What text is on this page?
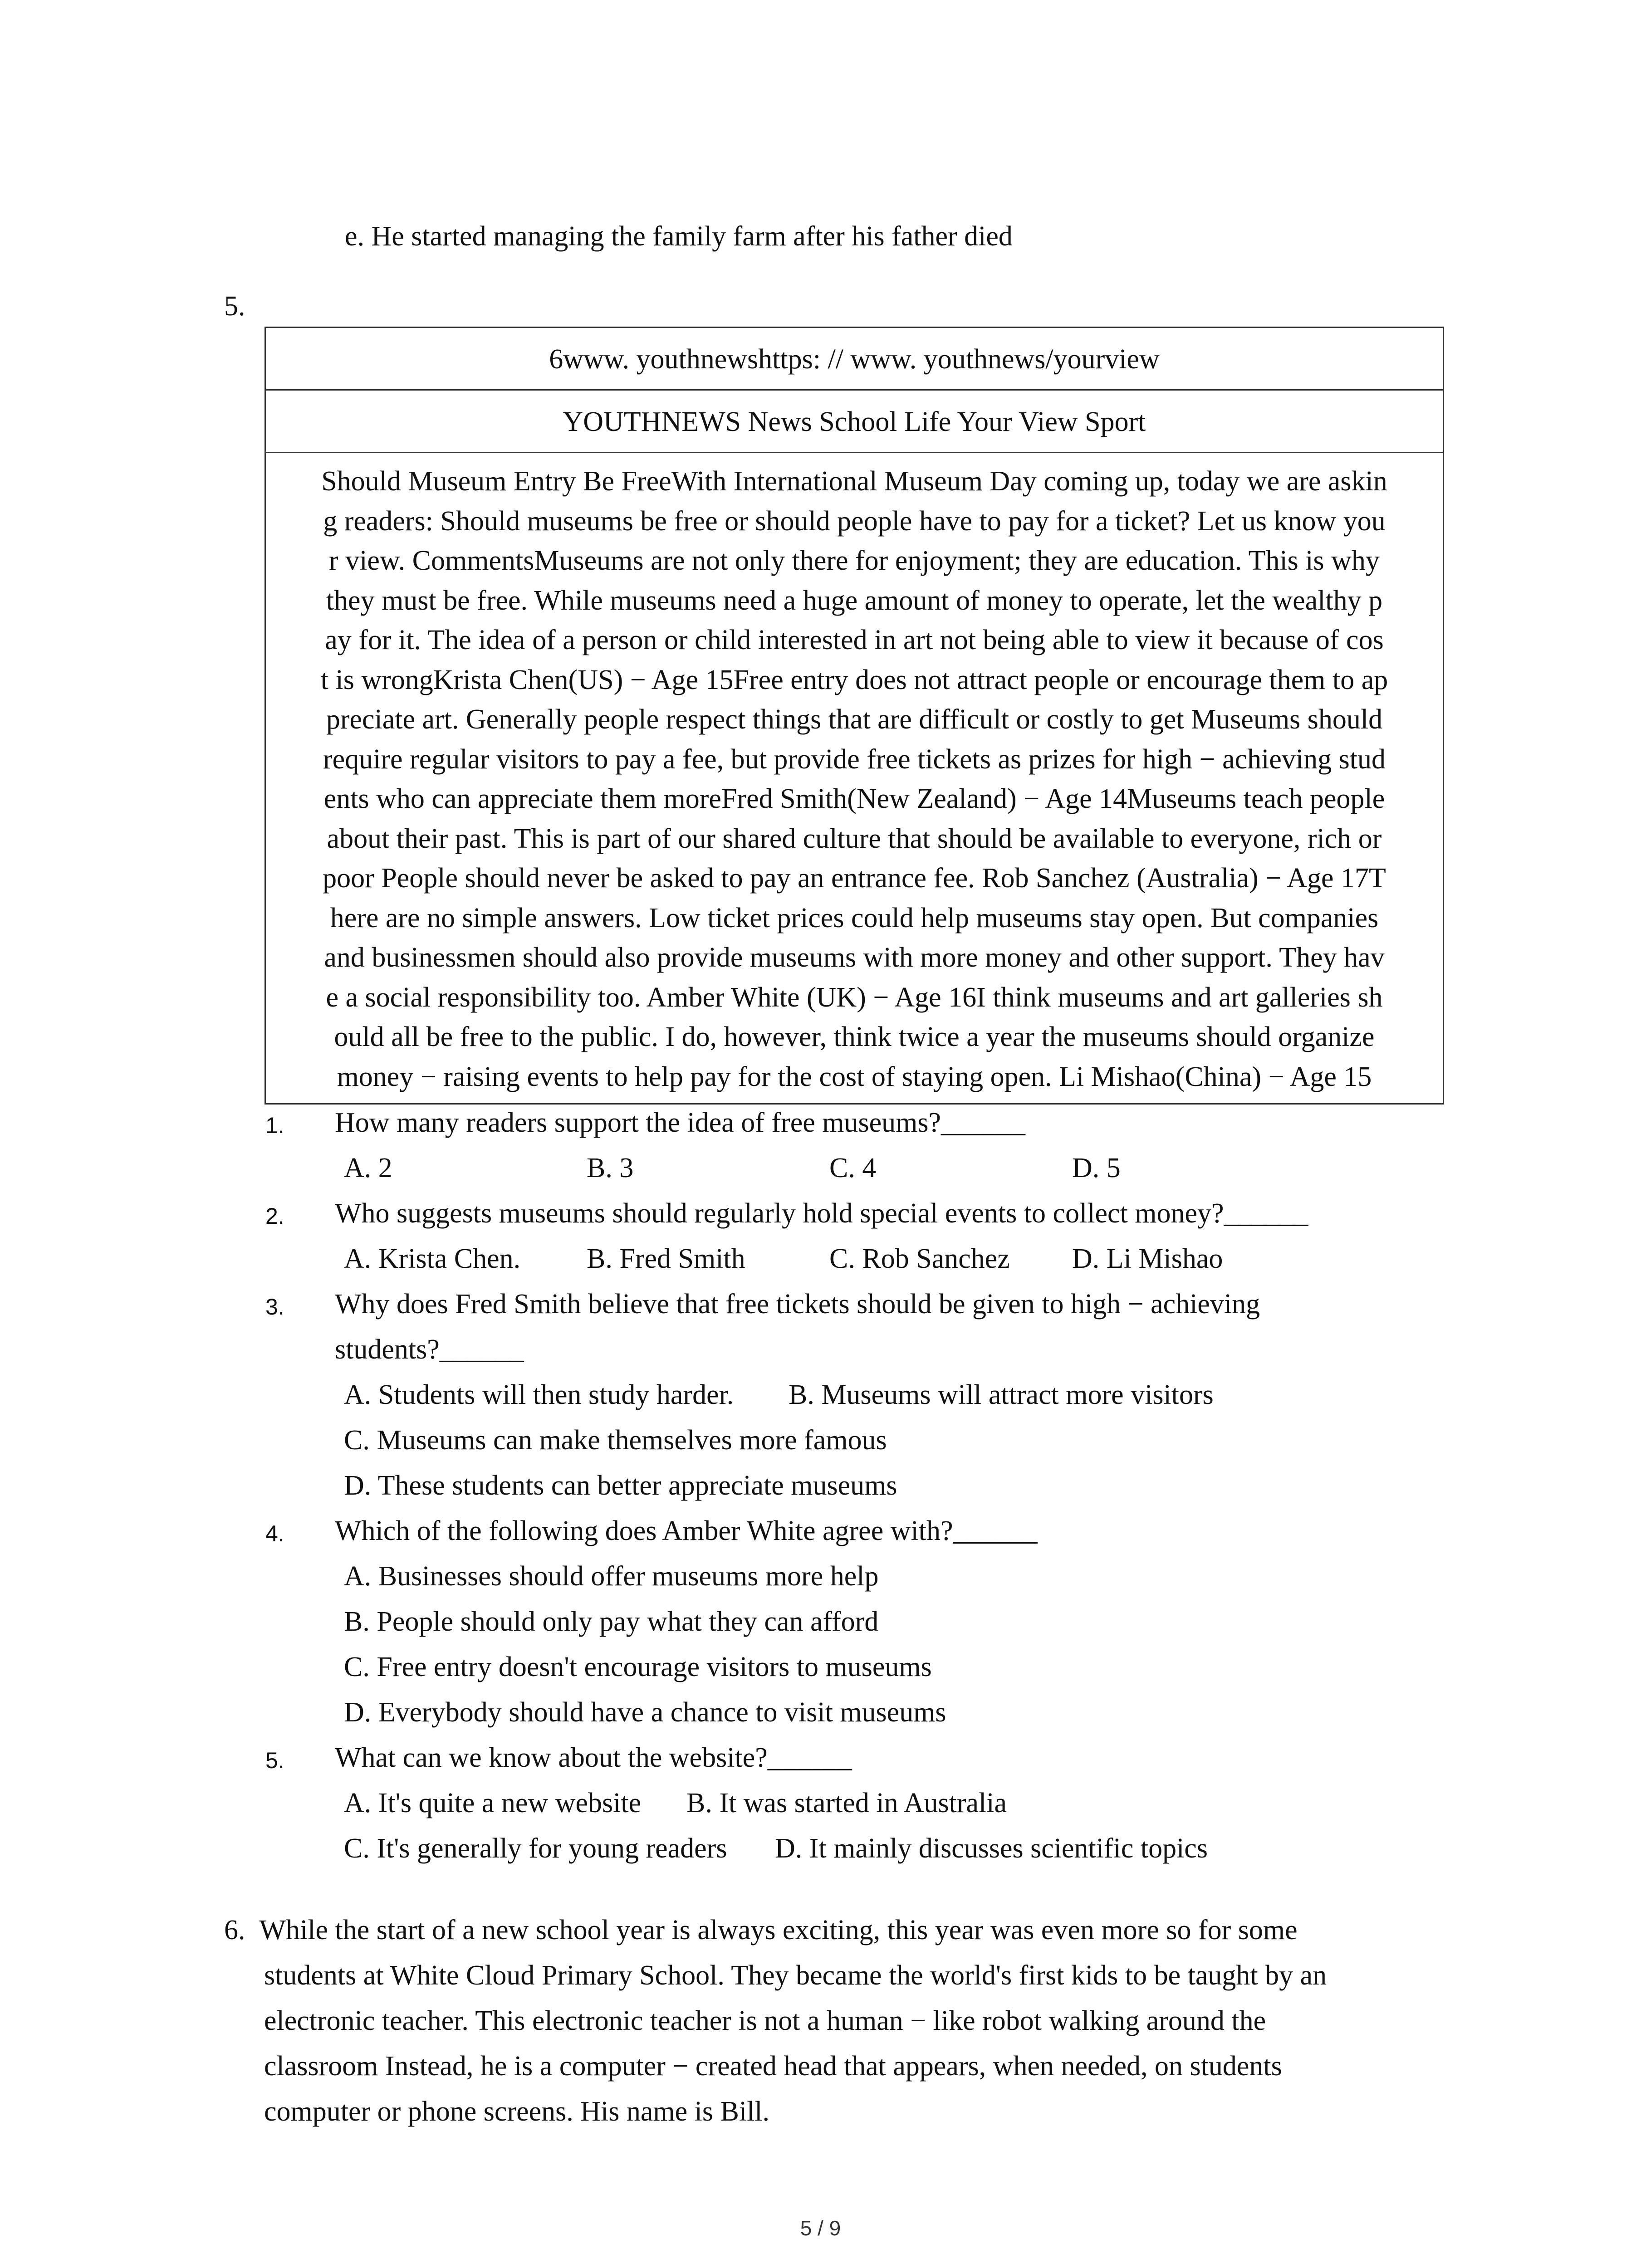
e. He started managing the family farm after his father died
5.
6www. youthnewshttps: // www. youthnews/yourview
YOUTHNEWS News School Life Your View Sport
Should Museum Entry Be FreeWith International Museum Day coming up, today we are askin
g readers: Should museums be free or should people have to pay for a ticket? Let us know you
r view. CommentsMuseums are not only there for enjoyment; they are education. This is why
they must be free. While museums need a huge amount of money to operate, let the wealthy p
ay for it. The idea of a person or child interested in art not being able to view it because of cos
t is wrongKrista Chen(US) − Age 15Free entry does not attract people or encourage them to ap
preciate art. Generally people respect things that are difficult or costly to get Museums should
require regular visitors to pay a fee, but provide free tickets as prizes for high − achieving stud
ents who can appreciate them moreFred Smith(New Zealand) − Age 14Museums teach people
about their past. This is part of our shared culture that should be available to everyone, rich or
poor People should never be asked to pay an entrance fee. Rob Sanchez (Australia) − Age 17T
here are no simple answers. Low ticket prices could help museums stay open. But companies
and businessmen should also provide museums with more money and other support. They hav
e a social responsibility too. Amber White (UK) − Age 16I think museums and art galleries sh
ould all be free to the public. I do, however, think twice a year the museums should organize
money − raising events to help pay for the cost of staying open. Li Mishao(China) − Age 15
1. How many readers support the idea of free museums?______
A. 2	B. 3	C. 4	D. 5
2. Who suggests museums should regularly hold special events to collect money?______
A. Krista Chen. B. Fred Smith	C. Rob Sanchez D. Li Mishao
3. Why does Fred Smith believe that free tickets should be given to high − achieving
students?______
A. Students will then study harder. B. Museums will attract more visitors
C. Museums can make themselves more famous
D. These students can better appreciate museums
4. Which of the following does Amber White agree with?______
A. Businesses should offer museums more help
B. People should only pay what they can afford
C. Free entry doesn't encourage visitors to museums
D. Everybody should have a chance to visit museums
5. What can we know about the website?______
A. It's quite a new website B. It was started in Australia
C. It's generally for young readers D. It mainly discusses scientific topics
6. While the start of a new school year is always exciting, this year was even more so for some
students at White Cloud Primary School. They became the world's first kids to be taught by an
electronic teacher. This electronic teacher is not a human − like robot walking around the
classroom Instead, he is a computer − created head that appears, when needed, on students
computer or phone screens. His name is Bill.
5 / 9
